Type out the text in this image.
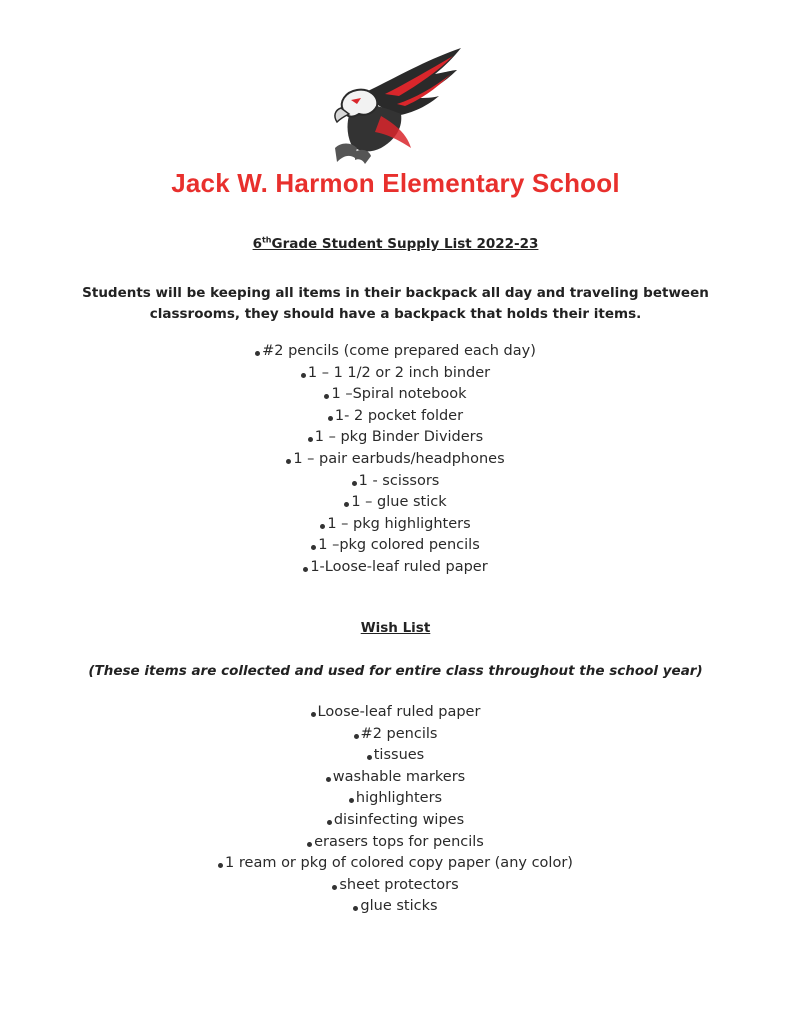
Jack W. Harmon Elementary School
6thGrade Student Supply List 2022-23

Students will be keeping all items in their backpack all day and traveling between classrooms, they should have a backpack that holds their items.

#2 pencils (come prepared each day)
1 – 1 1/2 or 2 inch binder
1 –Spiral notebook
1- 2 pocket folder
1 – pkg Binder Dividers
1 – pair earbuds/headphones
1 - scissors
1 – glue stick
1 – pkg highlighters
1 –pkg colored pencils
1-Loose-leaf ruled paper
Wish List

(These items are collected and used for entire class throughout the school year)

Loose-leaf ruled paper
#2 pencils
tissues
washable markers
highlighters
disinfecting wipes
erasers tops for pencils
1 ream or pkg of colored copy paper (any color)
sheet protectors
glue sticks
